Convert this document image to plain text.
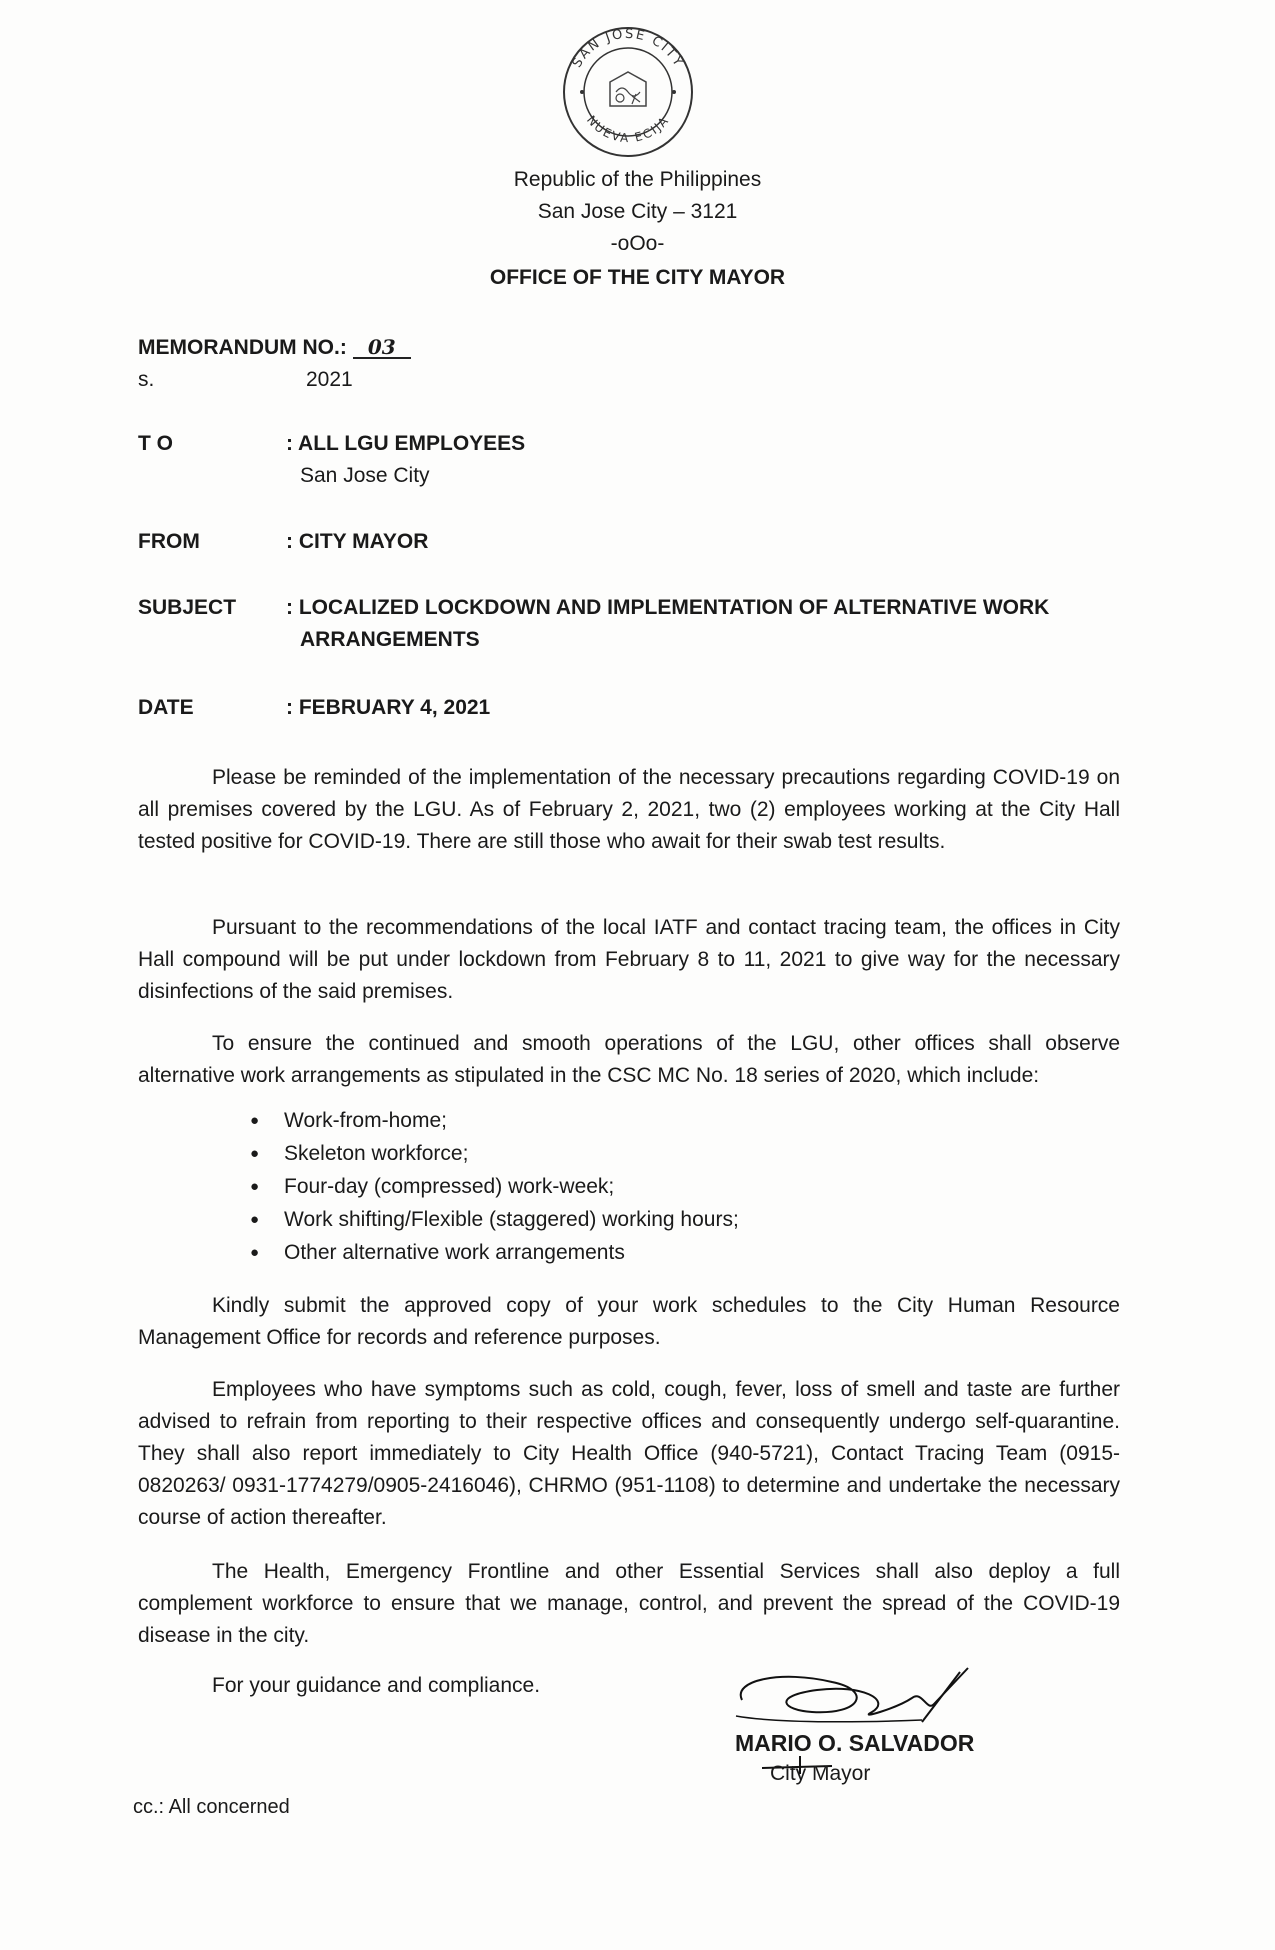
SAN JOSE CITY
NUEVA ECIJA
Republic of the Philippines
San Jose City – 3121
-oOo-
OFFICE OF THE CITY MAYOR
MEMORANDUM NO.: 03
s.	2021
T O	: ALL LGU EMPLOYEES
San Jose City
FROM	: CITY MAYOR
SUBJECT : LOCALIZED LOCKDOWN AND IMPLEMENTATION OF ALTERNATIVE WORK
ARRANGEMENTS
DATE	: FEBRUARY 4, 2021
Please be reminded of the implementation of the necessary precautions regarding COVID-19 on all premises covered by the LGU. As of February 2, 2021, two (2) employees working at the City Hall tested positive for COVID-19. There are still those who await for their swab test results.
Pursuant to the recommendations of the local IATF and contact tracing team, the offices in City Hall compound will be put under lockdown from February 8 to 11, 2021 to give way for the necessary disinfections of the said premises.
To ensure the continued and smooth operations of the LGU, other offices shall observe alternative work arrangements as stipulated in the CSC MC No. 18 series of 2020, which include:
● Work-from-home;
● Skeleton workforce;
● Four-day (compressed) work-week;
● Work shifting/Flexible (staggered) working hours;
● Other alternative work arrangements
Kindly submit the approved copy of your work schedules to the City Human Resource Management Office for records and reference purposes.
Employees who have symptoms such as cold, cough, fever, loss of smell and taste are further advised to refrain from reporting to their respective offices and consequently undergo self-quarantine. They shall also report immediately to City Health Office (940-5721), Contact Tracing Team (0915-0820263/ 0931-1774279/0905-2416046), CHRMO (951-1108) to determine and undertake the necessary course of action thereafter.
The Health, Emergency Frontline and other Essential Services shall also deploy a full complement workforce to ensure that we manage, control, and prevent the spread of the COVID-19 disease in the city.
For your guidance and compliance.
MARIO O. SALVADOR
City Mayor
cc.: All concerned
